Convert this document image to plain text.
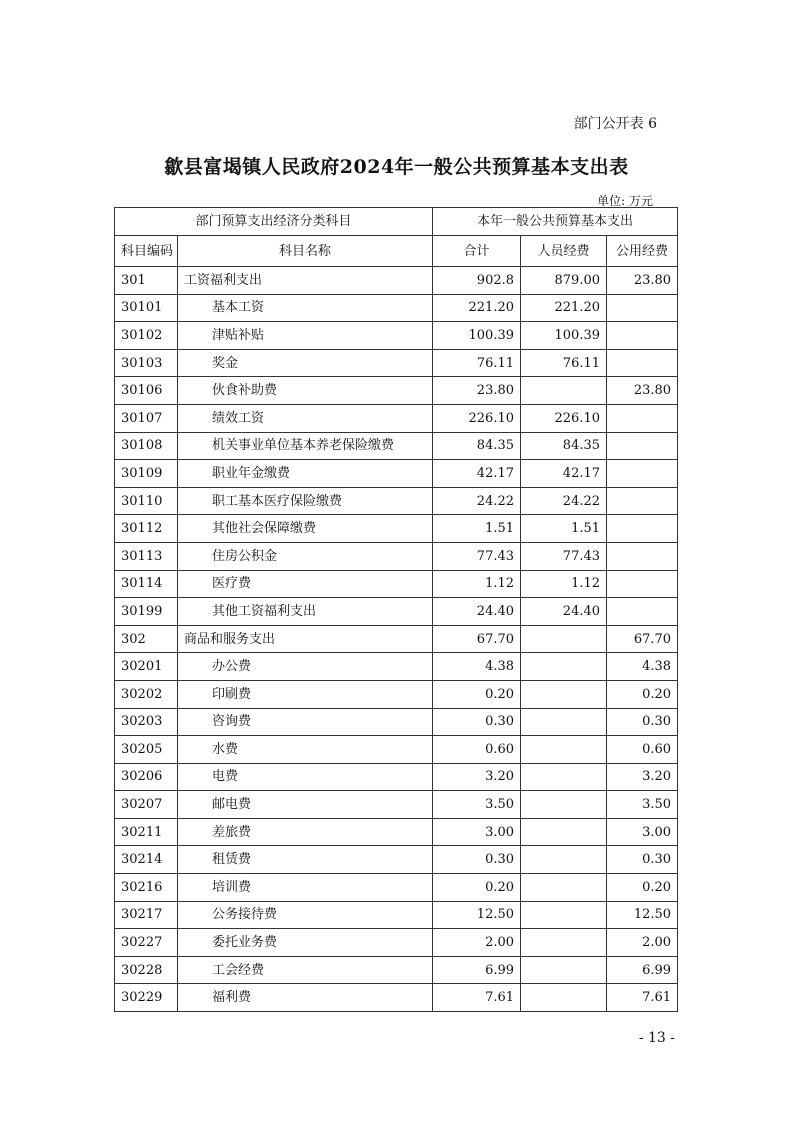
部门公开表 6
歙县富堨镇人民政府2024年一般公共预算基本支出表
单位: 万元
部门预算支出经济分类科目		本年一般公共预算基本支出		
科目编码	科目名称	合计	人员经费	公用经费
301	工资福利支出	902.8	879.00	23.80
30101	基本工资	221.20	221.20	
30102	津贴补贴	100.39	100.39	
30103	奖金	76.11	76.11	
30106	伙食补助费	23.80		23.80
30107	绩效工资	226.10	226.10	
30108	机关事业单位基本养老保险缴费	84.35	84.35	
30109	职业年金缴费	42.17	42.17	
30110	职工基本医疗保险缴费	24.22	24.22	
30112	其他社会保障缴费	1.51	1.51	
30113	住房公积金	77.43	77.43	
30114	医疗费	1.12	1.12	
30199	其他工资福利支出	24.40	24.40	
302	商品和服务支出	67.70		67.70
30201	办公费	4.38		4.38
30202	印刷费	0.20		0.20
30203	咨询费	0.30		0.30
30205	水费	0.60		0.60
30206	电费	3.20		3.20
30207	邮电费	3.50		3.50
30211	差旅费	3.00		3.00
30214	租赁费	0.30		0.30
30216	培训费	0.20		0.20
30217	公务接待费	12.50		12.50
30227	委托业务费	2.00		2.00
30228	工会经费	6.99		6.99
30229	福利费	7.61		7.61
- 13 -
